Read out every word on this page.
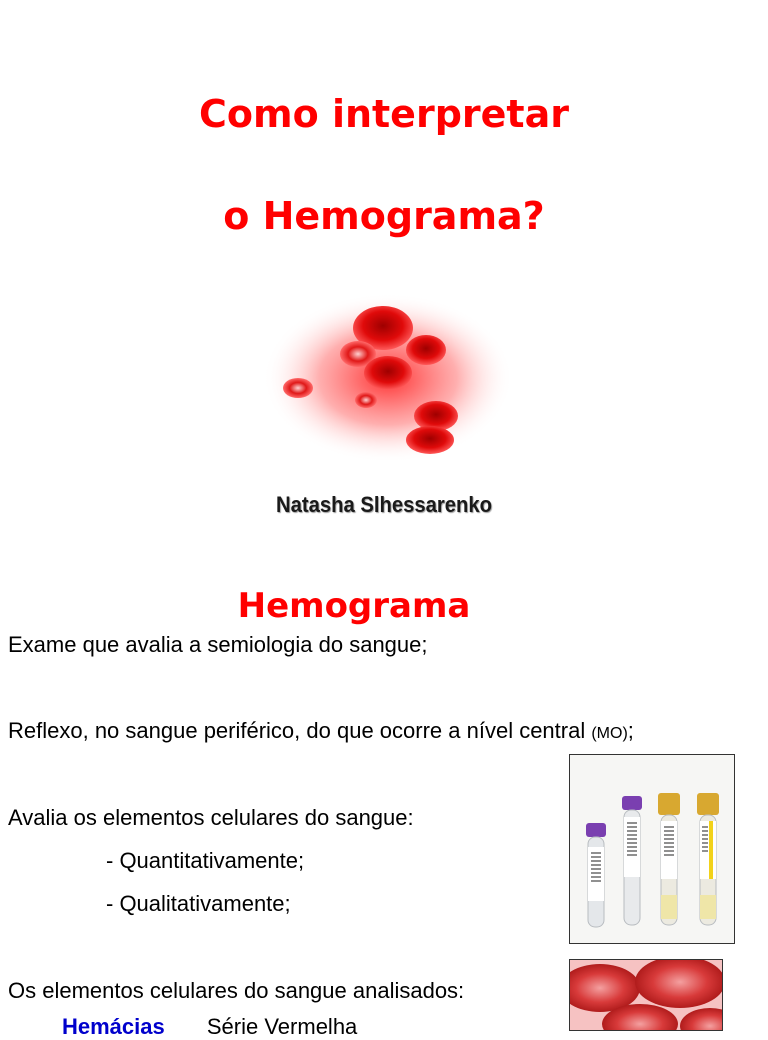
Como interpretar
o Hemograma?
Natasha Slhessarenko
Hemograma
Exame que avalia a semiologia do sangue;
Reflexo, no sangue periférico, do que ocorre a nível central (MO);
Avalia os elementos celulares do sangue:
- Quantitativamente;
- Qualitativamente;
Os elementos celulares do sangue analisados:
Hemácias Série Vermelha
